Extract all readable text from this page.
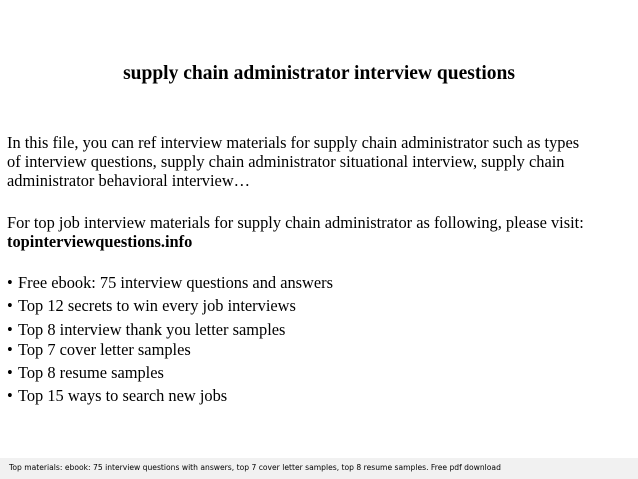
supply chain administrator interview questions

In this file, you can ref interview materials for supply chain administrator such as types
of interview questions, supply chain administrator situational interview, supply chain
administrator behavioral interview…

For top job interview materials for supply chain administrator as following, please visit:
topinterviewquestions.info

• Free ebook: 75 interview questions and answers
• Top 12 secrets to win every job interviews
• Top 8 interview thank you letter samples
• Top 7 cover letter samples
• Top 8 resume samples
• Top 15 ways to search new jobs
Top materials: ebook: 75 interview questions with answers, top 7 cover letter samples, top 8 resume samples. Free pdf download
